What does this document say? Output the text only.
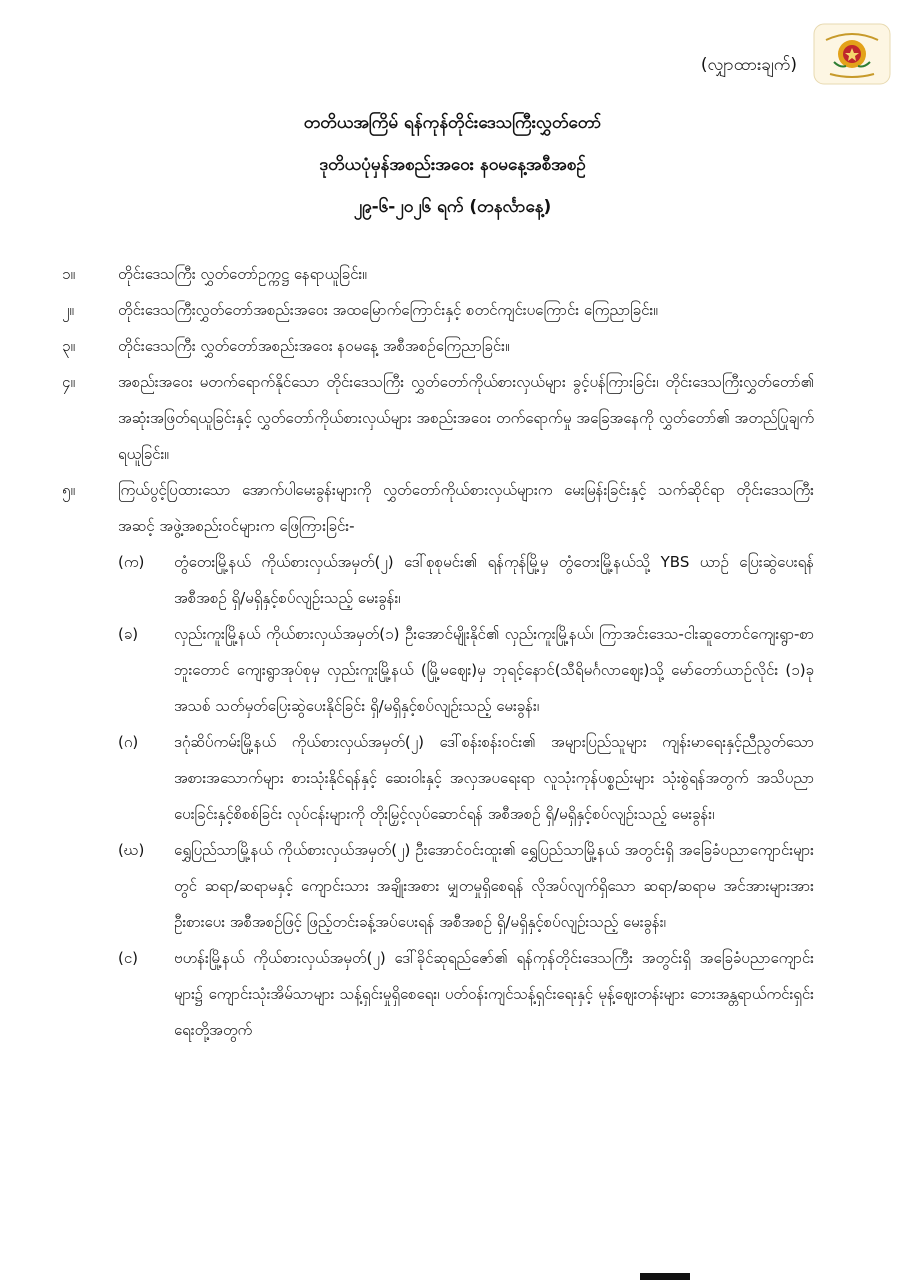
(လျှာထားချက်)
တတိယအကြိမ် ရန်ကုန်တိုင်းဒေသကြီးလွှတ်တော်
ဒုတိယပုံမှန်အစည်းအဝေး နဝမနေ့အစီအစဉ်
၂၉-၆-၂၀၂၆ ရက် (တနင်္လာနေ့)
၁။	တိုင်းဒေသကြီး လွှတ်တော်ဥက္ကဋ္ဌ နေရာယူခြင်း။
၂။	တိုင်းဒေသကြီးလွှတ်တော်အစည်းအဝေး အထမြောက်ကြောင်းနှင့် စတင်ကျင်းပကြောင်း ကြေညာခြင်း။
၃။	တိုင်းဒေသကြီး လွှတ်တော်အစည်းအဝေး နဝမနေ့ အစီအစဉ်ကြေညာခြင်း။
၄။	အစည်းအဝေး မတက်ရောက်နိုင်သော တိုင်းဒေသကြီး လွှတ်တော်ကိုယ်စားလှယ်များ ခွင့်ပန်ကြားခြင်း၊ တိုင်းဒေသကြီးလွှတ်တော်၏ အဆုံးအဖြတ်ရယူခြင်းနှင့် လွှတ်တော်ကိုယ်စားလှယ်များ အစည်းအဝေး တက်ရောက်မှု အခြေအနေကို လွှတ်တော်၏ အတည်ပြုချက်ရယူခြင်း။
၅။	ကြယ်ပွင့်ပြထားသော အောက်ပါမေးခွန်းများကို လွှတ်တော်ကိုယ်စားလှယ်များက မေးမြန်းခြင်းနှင့် သက်ဆိုင်ရာ တိုင်းဒေသကြီးအဆင့် အဖွဲ့အစည်းဝင်များက ဖြေကြားခြင်း-
(က)	တွံတေးမြို့နယ် ကိုယ်စားလှယ်အမှတ်(၂) ဒေါ်စုစုမင်း၏ ရန်ကုန်မြို့မှ တွံတေးမြို့နယ်သို့ YBS ယာဉ် ပြေးဆွဲပေးရန်အစီအစဉ် ရှိ/မရှိနှင့်စပ်လျဉ်းသည့် မေးခွန်း၊
(ခ)	လှည်းကူးမြို့နယ် ကိုယ်စားလှယ်အမှတ်(၁) ဦးအောင်မျိုးနိုင်၏ လှည်းကူးမြို့နယ်၊ ကြာအင်းဒေသ-ငါးဆူတောင်ကျေးရွာ-စာဘူးတောင် ကျေးရွာအုပ်စုမှ လှည်းကူးမြို့နယ် (မြို့မဈေး)မှ ဘုရင့်နောင်(သီရိမင်္ဂလာဈေး)သို့ မော်တော်ယာဉ်လိုင်း (၁)ခု အသစ် သတ်မှတ်ပြေးဆွဲပေးနိုင်ခြင်း ရှိ/မရှိနှင့်စပ်လျဉ်းသည့် မေးခွန်း၊
(ဂ)	ဒဂုံဆိပ်ကမ်းမြို့နယ် ကိုယ်စားလှယ်အမှတ်(၂) ဒေါ်စန်းစန်းဝင်း၏ အများပြည်သူများ ကျန်းမာရေးနှင့်ညီညွတ်သော အစားအသောက်များ စားသုံးနိုင်ရန်နှင့် ဆေးဝါးနှင့် အလှအပရေးရာ လူသုံးကုန်ပစ္စည်းများ သုံးစွဲရန်အတွက် အသိပညာပေးခြင်းနှင့်စိစစ်ခြင်း လုပ်ငန်းများကို တိုးမြှင့်လုပ်ဆောင်ရန် အစီအစဉ် ရှိ/မရှိနှင့်စပ်လျဉ်းသည့် မေးခွန်း၊
(ဃ)	ရွှေပြည်သာမြို့နယ် ကိုယ်စားလှယ်အမှတ်(၂) ဦးအောင်ဝင်းထူး၏ ရွှေပြည်သာမြို့နယ် အတွင်းရှိ အခြေခံပညာကျောင်းများတွင် ဆရာ/ဆရာမနှင့် ကျောင်းသား အချိုးအစား မျှတမှုရှိစေရန် လိုအပ်လျက်ရှိသော ဆရာ/ဆရာမ အင်အားများအား ဦးစားပေး အစီအစဉ်ဖြင့် ဖြည့်တင်းခန့်အပ်ပေးရန် အစီအစဉ် ရှိ/မရှိနှင့်စပ်လျဉ်းသည့် မေးခွန်း၊
(င)	ဗဟန်းမြို့နယ် ကိုယ်စားလှယ်အမှတ်(၂) ဒေါ်ခိုင်ဆုရည်ဇော်၏ ရန်ကုန်တိုင်းဒေသကြီး အတွင်းရှိ အခြေခံပညာကျောင်းများ၌ ကျောင်းသုံးအိမ်သာများ သန့်ရှင်းမှုရှိစေရေး၊ ပတ်ဝန်းကျင်သန့်ရှင်းရေးနှင့် မုန့်ဈေးတန်းများ ဘေးအန္တရာယ်ကင်းရှင်းရေးတို့အတွက်
